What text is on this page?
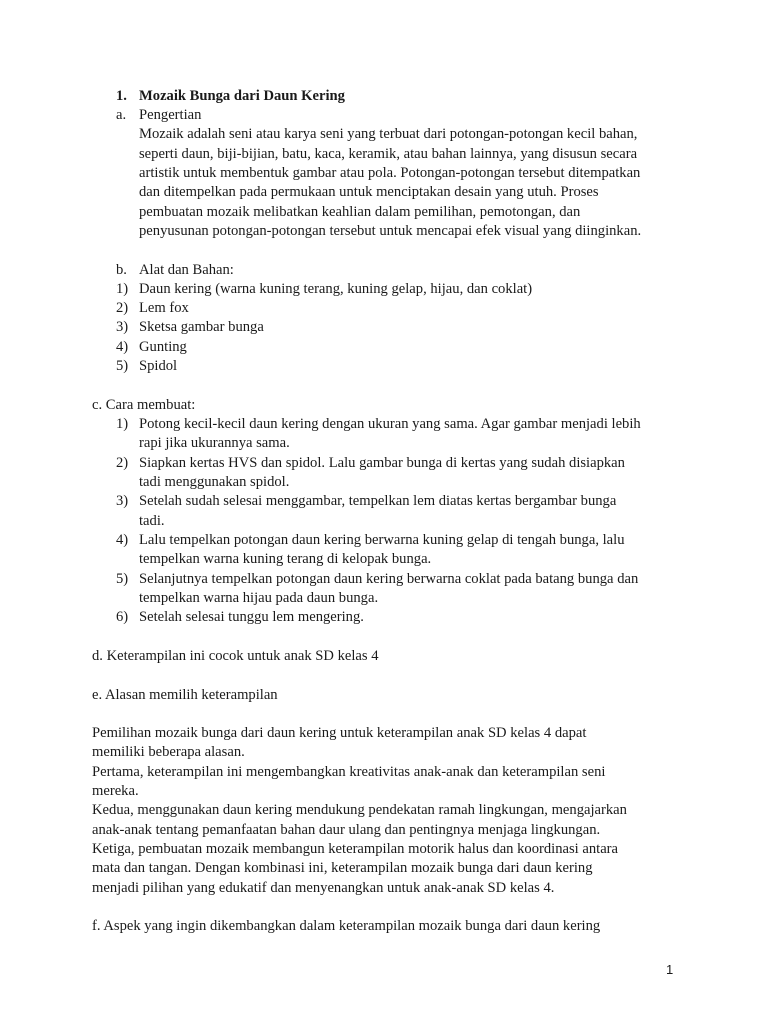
1. Mozaik Bunga dari Daun Kering
a. Pengertian
Mozaik adalah seni atau karya seni yang terbuat dari potongan-potongan kecil bahan,
seperti daun, biji-bijian, batu, kaca, keramik, atau bahan lainnya, yang disusun secara
artistik untuk membentuk gambar atau pola. Potongan-potongan tersebut ditempatkan
dan ditempelkan pada permukaan untuk menciptakan desain yang utuh. Proses
pembuatan mozaik melibatkan keahlian dalam pemilihan, pemotongan, dan
penyusunan potongan-potongan tersebut untuk mencapai efek visual yang diinginkan.
b. Alat dan Bahan:
1) Daun kering (warna kuning terang, kuning gelap, hijau, dan coklat)
2) Lem fox
3) Sketsa gambar bunga
4) Gunting
5) Spidol
c. Cara membuat:
1) Potong kecil-kecil daun kering dengan ukuran yang sama. Agar gambar menjadi lebih
rapi jika ukurannya sama.
2) Siapkan kertas HVS dan spidol. Lalu gambar bunga di kertas yang sudah disiapkan
tadi menggunakan spidol.
3) Setelah sudah selesai menggambar, tempelkan lem diatas kertas bergambar bunga
tadi.
4) Lalu tempelkan potongan daun kering berwarna kuning gelap di tengah bunga, lalu
tempelkan warna kuning terang di kelopak bunga.
5) Selanjutnya tempelkan potongan daun kering berwarna coklat pada batang bunga dan
tempelkan warna hijau pada daun bunga.
6) Setelah selesai tunggu lem mengering.
d. Keterampilan ini cocok untuk anak SD kelas 4
e. Alasan memilih keterampilan
Pemilihan mozaik bunga dari daun kering untuk keterampilan anak SD kelas 4 dapat
memiliki beberapa alasan.
Pertama, keterampilan ini mengembangkan kreativitas anak-anak dan keterampilan seni
mereka.
Kedua, menggunakan daun kering mendukung pendekatan ramah lingkungan, mengajarkan
anak-anak tentang pemanfaatan bahan daur ulang dan pentingnya menjaga lingkungan.
Ketiga, pembuatan mozaik membangun keterampilan motorik halus dan koordinasi antara
mata dan tangan. Dengan kombinasi ini, keterampilan mozaik bunga dari daun kering
menjadi pilihan yang edukatif dan menyenangkan untuk anak-anak SD kelas 4.
f. Aspek yang ingin dikembangkan dalam keterampilan mozaik bunga dari daun kering
1
